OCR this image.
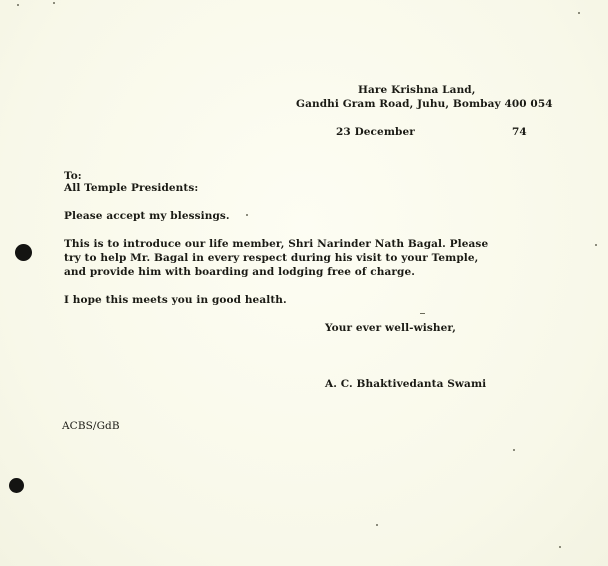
Hare Krishna Land,
Gandhi Gram Road, Juhu, Bombay 400 054
23 December	74
To:
All Temple Presidents:
Please accept my blessings.
This is to introduce our life member, Shri Narinder Nath Bagal. Please
try to help Mr. Bagal in every respect during his visit to your Temple,
and provide him with boarding and lodging free of charge.
I hope this meets you in good health.
Your ever well-wisher,
A. C. Bhaktivedanta Swami
ACBS/GdB
